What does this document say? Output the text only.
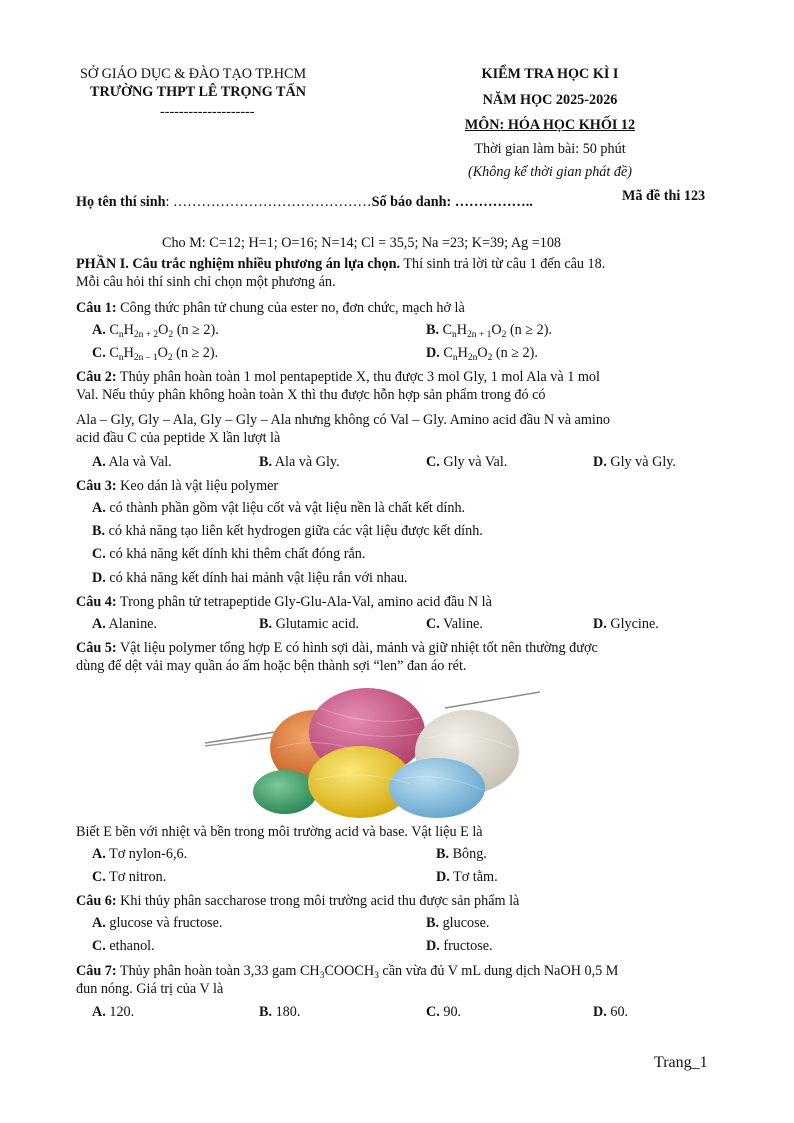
SỞ GIÁO DỤC & ĐÀO TẠO TP.HCM
TRƯỜNG THPT LÊ TRỌNG TẤN
--------------------
KIỂM TRA HỌC KÌ I
NĂM HỌC 2025-2026
MÔN: HÓA HỌC KHỐI 12
Thời gian làm bài: 50 phút
(Không kể thời gian phát đề)
Họ tên thí sinh: ……………………………………Số báo danh: ……………..	Mã đề thi 123
Cho M: C=12; H=1; O=16; N=14; Cl = 35,5; Na =23; K=39; Ag =108
PHẦN I. Câu trắc nghiệm nhiều phương án lựa chọn. Thí sinh trả lời từ câu 1 đến câu 18.
Mỗi câu hỏi thí sinh chỉ chọn một phương án.
Câu 1: Công thức phân tử chung của ester no, đơn chức, mạch hở là
A. $C_nH_{2n + 2}O_2$ (n ≥ 2).	B. $C_nH_{2n + 1}O_2$ (n ≥ 2).
C. $C_nH_{2n - 1}O_2$ (n ≥ 2).	D. $C_nH_{2n}O_2$ (n ≥ 2).
Câu 2: Thủy phân hoàn toàn 1 mol pentapeptide X, thu được 3 mol Gly, 1 mol Ala và 1 mol
Val. Nếu thủy phân không hoàn toàn X thì thu được hỗn hợp sản phẩm trong đó có
Ala – Gly, Gly – Ala, Gly – Gly – Ala nhưng không có Val – Gly. Amino acid đầu N và amino
acid đầu C của peptide X lần lượt là
A. Ala và Val.	B. Ala và Gly.	C. Gly và Val.	D. Gly và Gly.
Câu 3: Keo dán là vật liệu polymer
A. có thành phần gồm vật liệu cốt và vật liệu nền là chất kết dính.
B. có khả năng tạo liên kết hydrogen giữa các vật liệu được kết dính.
C. có khả năng kết dính khi thêm chất đóng rắn.
D. có khả năng kết dính hai mảnh vật liệu rắn với nhau.
Câu 4: Trong phân tử tetrapeptide Gly-Glu-Ala-Val, amino acid đầu N là
A. Alanine.	B. Glutamic acid.	C. Valine.	D. Glycine.
Câu 5: Vật liệu polymer tổng hợp E có hình sợi dài, mảnh và giữ nhiệt tốt nên thường được
dùng để dệt vải may quần áo ấm hoặc bện thành sợi “len” đan áo rét.
Biết E bền với nhiệt và bền trong môi trường acid và base. Vật liệu E là
A. Tơ nylon-6,6.	B. Bông.
C. Tơ nitron.	D. Tơ tằm.
Câu 6: Khi thủy phân saccharose trong môi trường acid thu được sản phẩm là
A. glucose và fructose.	B. glucose.
C. ethanol.	D. fructose.
Câu 7: Thủy phân hoàn toàn 3,33 gam $CH_3COOCH_3$ cần vừa đủ V mL dung dịch NaOH 0,5 M
đun nóng. Giá trị của V là
A. 120.	B. 180.	C. 90.	D. 60.
Trang_1
